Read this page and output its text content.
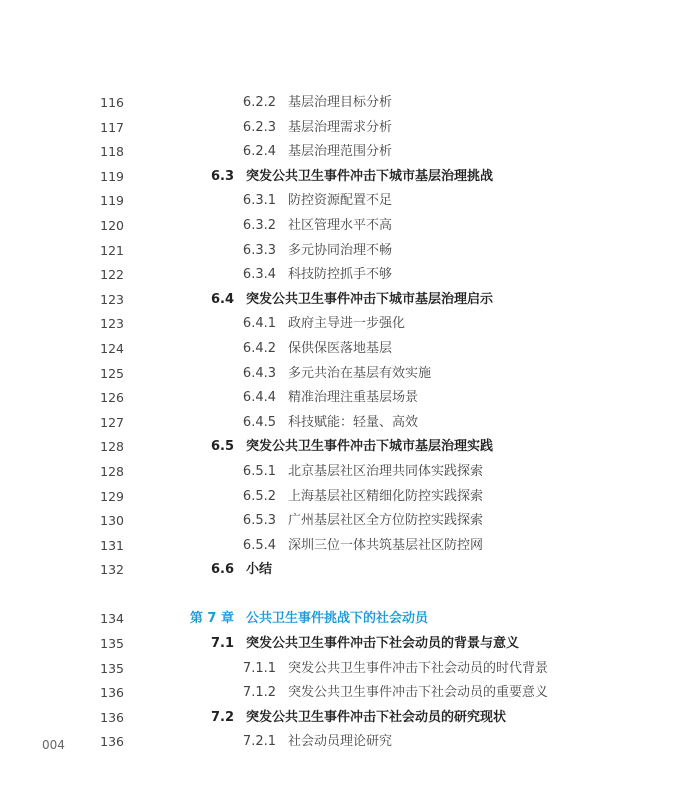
116	6.2.2 基层治理目标分析
117	6.2.3 基层治理需求分析
118	6.2.4 基层治理范围分析
119	6.3 突发公共卫生事件冲击下城市基层治理挑战
119	6.3.1 防控资源配置不足
120	6.3.2 社区管理水平不高
121	6.3.3 多元协同治理不畅
122	6.3.4 科技防控抓手不够
123	6.4 突发公共卫生事件冲击下城市基层治理启示
123	6.4.1 政府主导进一步强化
124	6.4.2 保供保医落地基层
125	6.4.3 多元共治在基层有效实施
126	6.4.4 精准治理注重基层场景
127	6.4.5 科技赋能：轻量、高效
128	6.5 突发公共卫生事件冲击下城市基层治理实践
128	6.5.1 北京基层社区治理共同体实践探索
129	6.5.2 上海基层社区精细化防控实践探索
130	6.5.3 广州基层社区全方位防控实践探索
131	6.5.4 深圳三位一体共筑基层社区防控网
132	6.6 小结
134	第 7 章 公共卫生事件挑战下的社会动员
135	7.1 突发公共卫生事件冲击下社会动员的背景与意义
135	7.1.1 突发公共卫生事件冲击下社会动员的时代背景
136	7.1.2 突发公共卫生事件冲击下社会动员的重要意义
136	7.2 突发公共卫生事件冲击下社会动员的研究现状
136	7.2.1 社会动员理论研究
004
